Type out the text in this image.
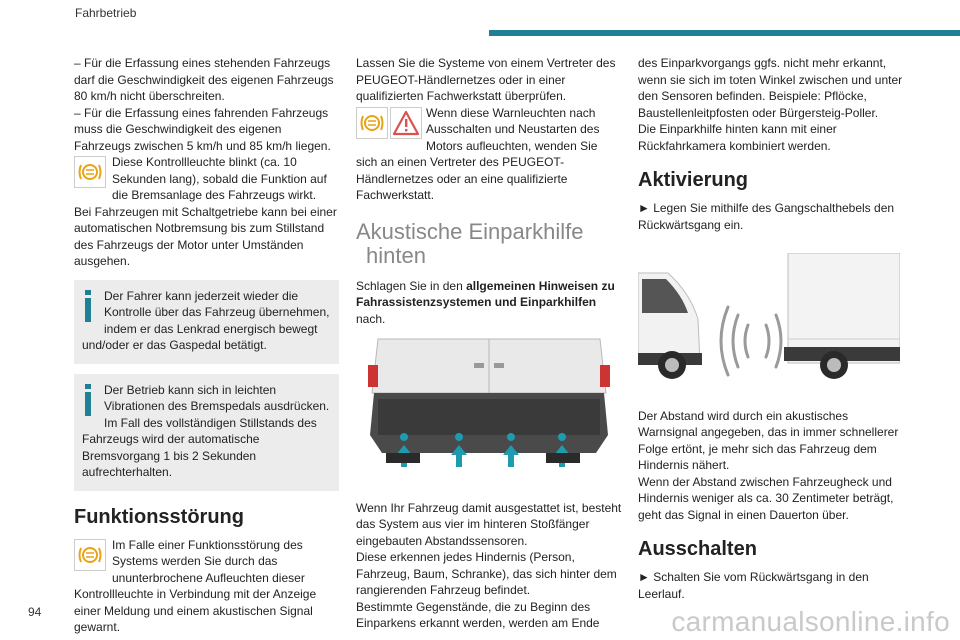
Fahrbetrieb

– Für die Erfassung eines stehenden Fahrzeugs darf die Geschwindigkeit des eigenen Fahrzeugs 80 km/h nicht überschreiten.

– Für die Erfassung eines fahrenden Fahrzeugs muss die Geschwindigkeit des eigenen Fahrzeugs zwischen 5 km/h und 85 km/h liegen.

Diese Kontrollleuchte blinkt (ca. 10 Sekunden lang), sobald die Funktion auf die Bremsanlage des Fahrzeugs wirkt.

Bei Fahrzeugen mit Schaltgetriebe kann bei einer automatischen Notbremsung bis zum Stillstand des Fahrzeugs der Motor unter Umständen ausgehen.

Der Fahrer kann jederzeit wieder die Kontrolle über das Fahrzeug übernehmen, indem er das Lenkrad energisch bewegt und/oder er das Gaspedal betätigt.

Der Betrieb kann sich in leichten Vibrationen des Bremspedals ausdrücken. Im Fall des vollständigen Stillstands des Fahrzeugs wird der automatische Bremsvorgang 1 bis 2 Sekunden aufrechterhalten.

Funktionsstörung

Im Falle einer Funktionsstörung des Systems werden Sie durch das ununterbrochene Aufleuchten dieser Kontrollleuchte in Verbindung mit der Anzeige einer Meldung und einem akustischen Signal gewarnt.

Lassen Sie die Systeme von einem Vertreter des PEUGEOT-Händlernetzes oder in einer qualifizierten Fachwerkstatt überprüfen.

Wenn diese Warnleuchten nach Ausschalten und Neustarten des Motors aufleuchten, wenden Sie sich an einen Vertreter des PEUGEOT-Händlernetzes oder an eine qualifizierte Fachwerkstatt.

Akustische Einparkhilfe
hinten

Schlagen Sie in den allgemeinen Hinweisen zu Fahrassistenzsystemen und Einparkhilfen nach.

Wenn Ihr Fahrzeug damit ausgestattet ist, besteht das System aus vier im hinteren Stoßfänger eingebauten Abstandssensoren.

Diese erkennen jedes Hindernis (Person, Fahrzeug, Baum, Schranke), das sich hinter dem rangierenden Fahrzeug befindet.

Bestimmte Gegenstände, die zu Beginn des Einparkens erkannt werden, werden am Ende

des Einparkvorgangs ggfs. nicht mehr erkannt, wenn sie sich im toten Winkel zwischen und unter den Sensoren befinden. Beispiele: Pflöcke, Baustellenleitpfosten oder Bürgersteig-Poller.

Die Einparkhilfe hinten kann mit einer Rückfahrkamera kombiniert werden.

Aktivierung

► Legen Sie mithilfe des Gangschalthebels den Rückwärtsgang ein.

Der Abstand wird durch ein akustisches Warnsignal angegeben, das in immer schnellerer Folge ertönt, je mehr sich das Fahrzeug dem Hindernis nähert.

Wenn der Abstand zwischen Fahrzeugheck und Hindernis weniger als ca. 30 Zentimeter beträgt, geht das Signal in einen Dauerton über.

Ausschalten

► Schalten Sie vom Rückwärtsgang in den Leerlauf.

94	carmanualsonline.info
